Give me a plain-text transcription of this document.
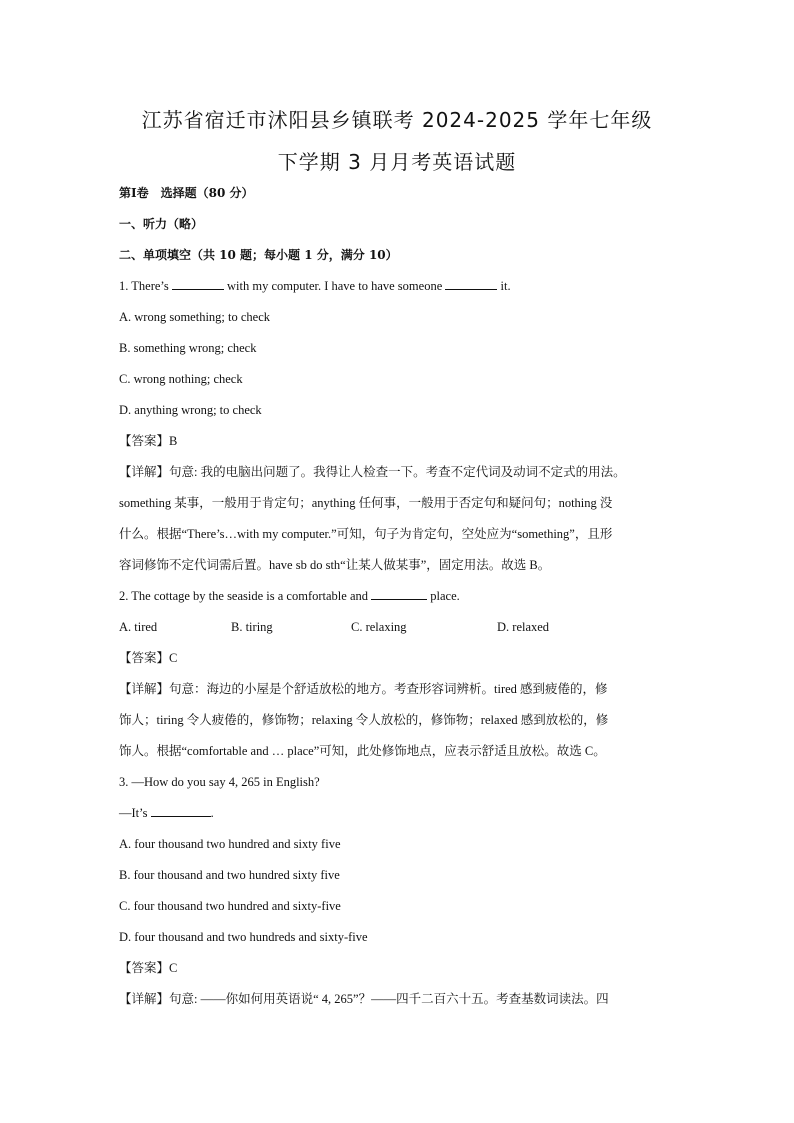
江苏省宿迁市沭阳县乡镇联考 2024-2025 学年七年级
下学期 3 月月考英语试题
第Ⅰ卷　选择题（80 分）
一、听力（略）
二、单项填空（共 10 题；每小题 1 分，满分 10）
1. There’s	with my computer. I have to have someone	it.
A. wrong something; to check
B. something wrong; check
C. wrong nothing; check
D. anything wrong; to check
【答案】B
【详解】句意: 我的电脑出问题了。我得让人检查一下。考查不定代词及动词不定式的用法。
something 某事，一般用于肯定句；anything 任何事，一般用于否定句和疑问句；nothing 没
什么。根据“There’s…with my computer.”可知，句子为肯定句，空处应为“something”，且形
容词修饰不定代词需后置。have sb do sth“让某人做某事”，固定用法。故选 B。
2. The cottage by the seaside is a comfortable and	place.
A. tired	B. tiring	C. relaxing	D. relaxed
【答案】C
【详解】句意：海边的小屋是个舒适放松的地方。考查形容词辨析。tired 感到疲倦的，修
饰人；tiring 令人疲倦的，修饰物；relaxing 令人放松的，修饰物；relaxed 感到放松的，修
饰人。根据“comfortable and … place”可知，此处修饰地点，应表示舒适且放松。故选 C。
3. —How do you say 4, 265 in English?
—It’s	.
A. four thousand two hundred and sixty five
B. four thousand and two hundred sixty five
C. four thousand two hundred and sixty-five
D. four thousand and two hundreds and sixty-five
【答案】C
【详解】句意: ——你如何用英语说“ 4, 265”？——四千二百六十五。考查基数词读法。四
